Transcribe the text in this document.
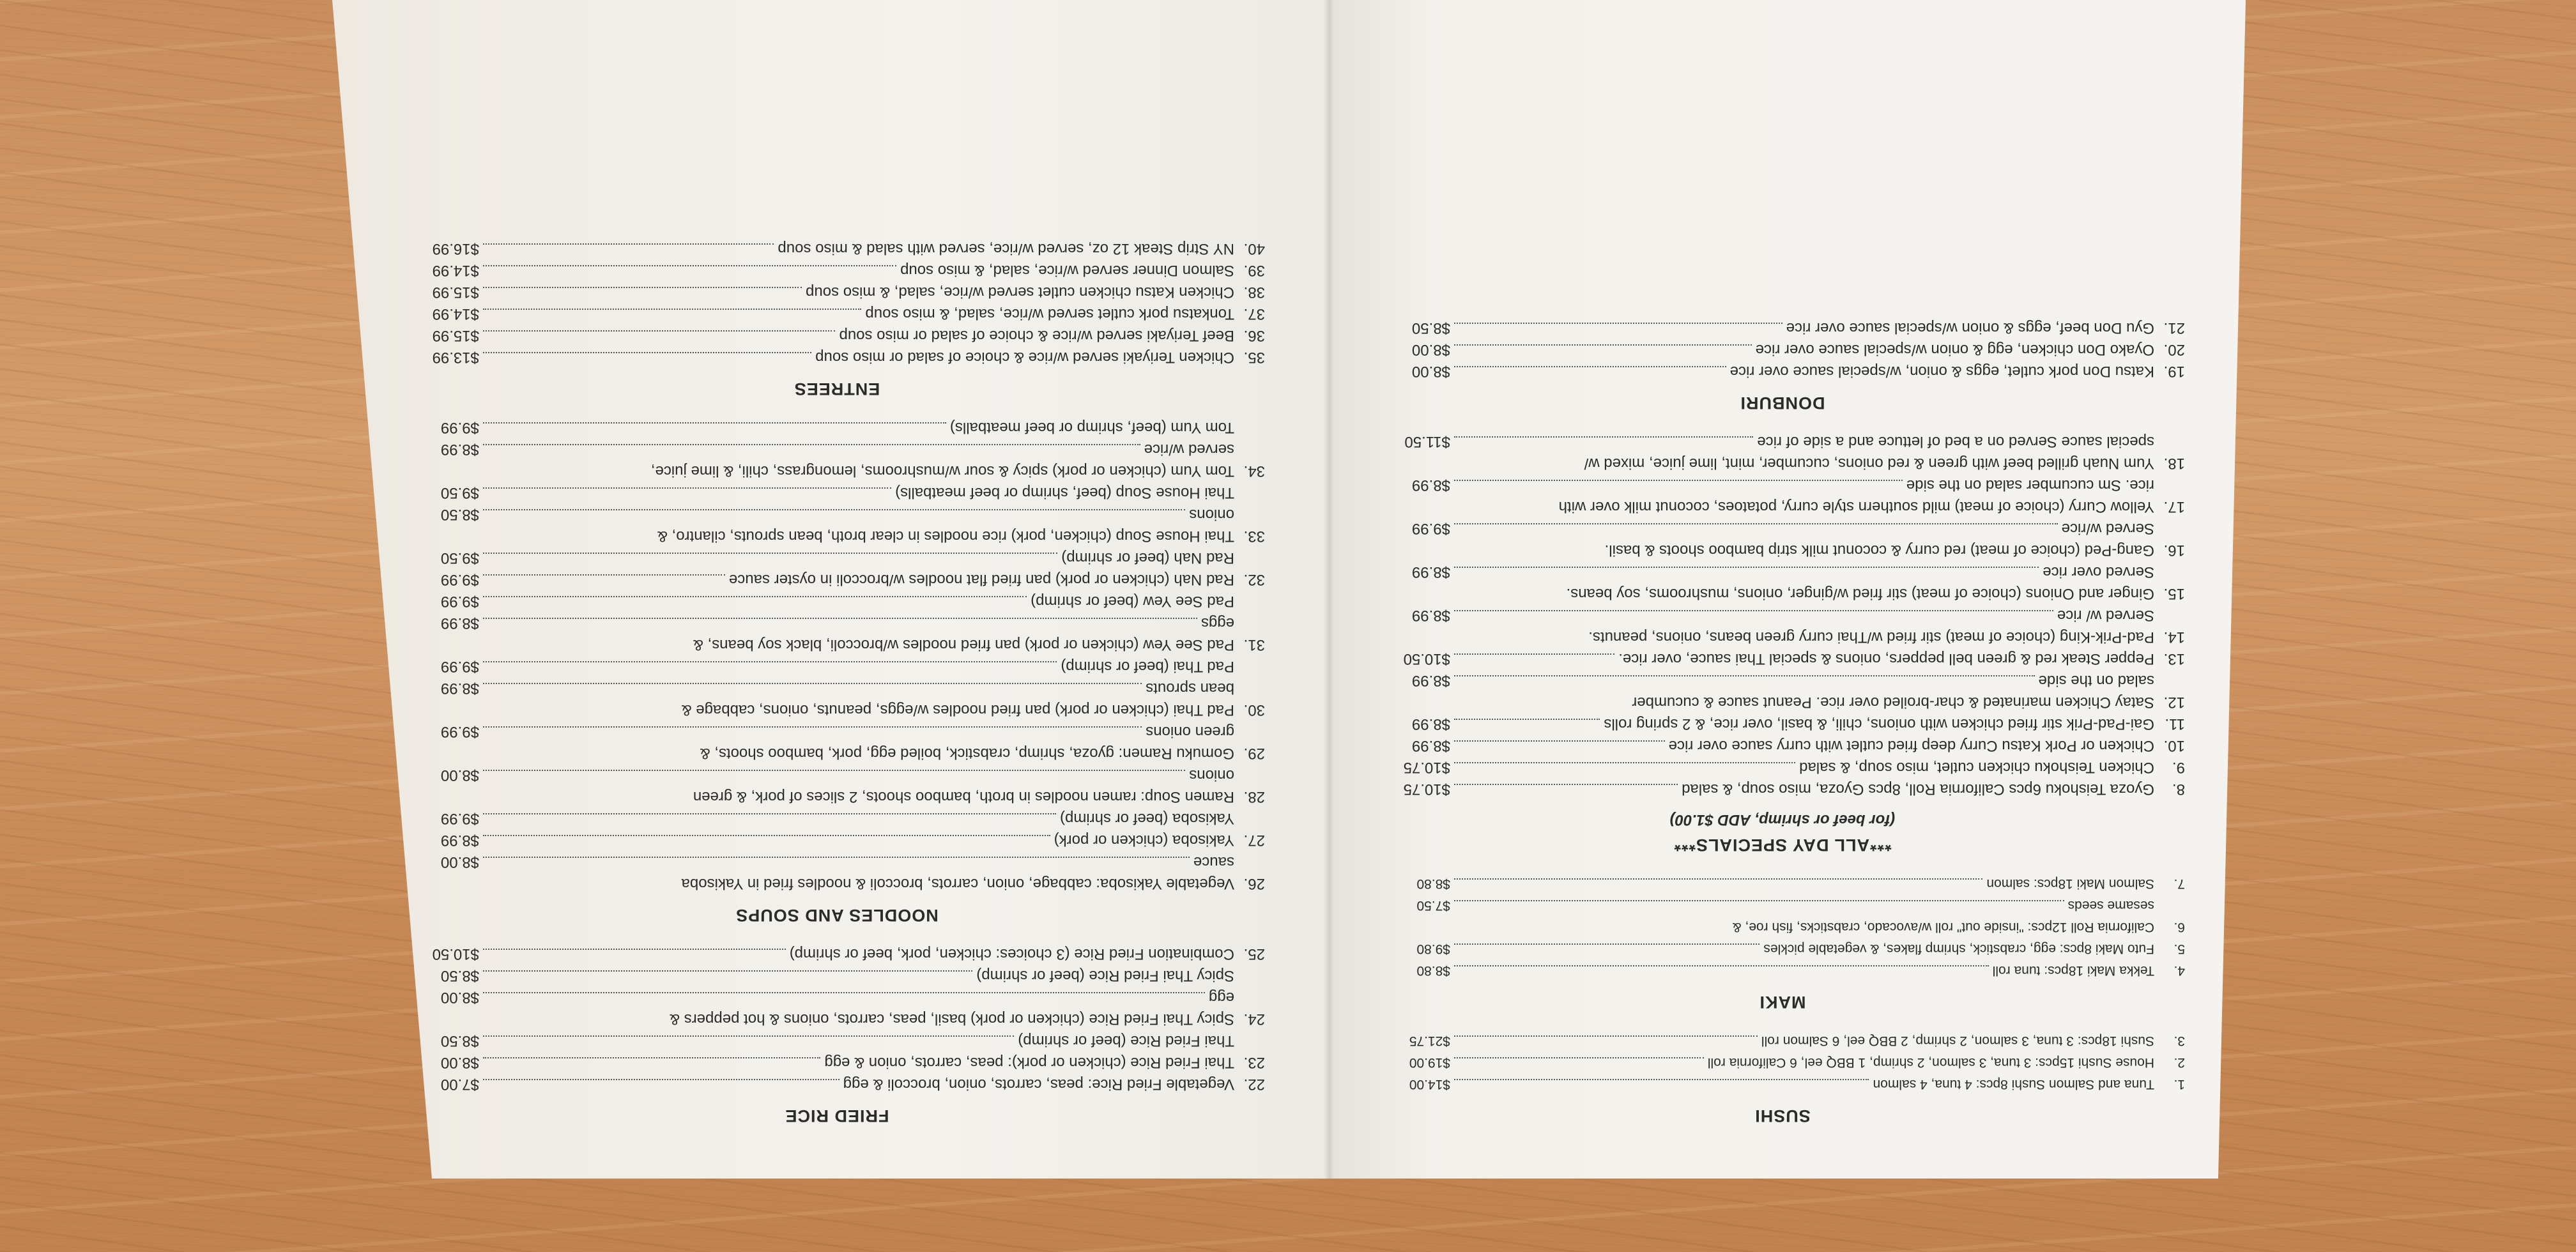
FRIED RICE
22.
Vegetable Fried Rice: peas, carrots, onion, broccoli & egg
$7.00
23.
Thai Fried Rice (chicken or pork): peas, carrots, onion & egg
$8.00
Thai Fried Rice (beef or shrimp)
$8.50
24.
Spicy Thai Fried Rice (chicken or pork) basil, peas, carrots, onions & hot peppers &
egg
$8.00
Spicy Thai Fried Rice (beef or shrimp)
$8.50
25.
Combination Fried Rice (3 choices: chicken, pork, beef or shrimp)
$10.50
NOODLES AND SOUPS
26.
Vegetable Yakisoba: cabbage, onion, carrots, broccoli & noodles fried in Yakisoba
sauce
$8.00
27.
Yakisoba (chicken or pork)
$8.99
Yakisoba (beef or shrimp)
$9.99
28.
Ramen Soup: ramen noodles in broth, bamboo shoots, 2 slices of pork, & green
onions
$8.00
29.
Gomuku Ramen: gyoza, shrimp, crabstick, boiled egg, pork, bamboo shoots, &
green onions
$9.99
30.
Pad Thai (chicken or pork) pan fried noodles w/eggs, peanuts, onions, cabbage &
bean sprouts
$8.99
Pad Thai (beef or shrimp)
$9.99
31.
Pad See Yew (chicken or pork) pan fried noodles w/broccoli, black soy beans, &
eggs
$8.99
Pad See Yew (beef or shrimp)
$9.99
32.
Rad Nah (chicken or pork) pan fried flat noodles w/broccoli in oyster sauce
$9.99
Rad Nah (beef or shrimp)
$9.50
33.
Thai House Soup (chicken, pork) rice noodles in clear broth, bean sprouts, cilantro, &
onions
$8.50
Thai House Soup (beef, shrimp or beef meatballs)
$9.50
34.
Tom Yum (chicken or pork) spicy & sour w/mushrooms, lemongrass, chili, & lime juice,
served w/rice
$8.99
Tom Yum (beef, shrimp or beef meatballs)
$9.99
ENTREES
35.
Chicken Teriyaki served w/rice & choice of salad or miso soup
$13.99
36.
Beef Teriyaki served w/rice & choice of salad or miso soup
$15.99
37.
Tonkatsu pork cutlet served w/rice, salad, & miso soup
$14.99
38.
Chicken Katsu chicken cutlet served w/rice, salad, & miso soup
$15.99
39.
Salmon Dinner served w/rice, salad, & miso soup
$14.99
40.
NY Strip Steak 12 oz, served w/rice, served with salad & miso soup
$16.99
SUSHI
1.
Tuna and Salmon Sushi 8pcs: 4 tuna, 4 salmon
$14.00
2.
House Sushi 15pcs: 3 tuna, 3 salmon, 2 shrimp, 1 BBQ eel, 6 California roll
$19.00
3.
Sushi 18pcs: 3 tuna, 3 salmon, 2 shrimp, 2 BBQ eel, 6 Salmon roll
$21.75
MAKI
4.
Tekka Maki 18pcs: tuna roll
$8.80
5.
Futo Maki 8pcs: egg, crabstick, shrimp flakes, & vegetable pickles
$9.80
6.
California Roll 12pcs: "inside out" roll w/avocado, crabsticks, fish roe, &
sesame seeds
$7.50
7.
Salmon Maki 18pcs: salmon
$8.80
***ALL DAY SPECIALS***
(for beef or shrimp, ADD $1.00)
8.
Gyoza Teishoku 6pcs California Roll, 8pcs Gyoza, miso soup, & salad
$10.75
9.
Chicken Teishoku chicken cutlet, miso soup, & salad
$10.75
10.
Chicken or Pork Katsu Curry deep fried cutlet with curry sauce over rice
$8.99
11.
Gai-Pad-Prik stir fried chicken with onions, chili, & basil, over rice, & 2 spring rolls
$8.99
12.
Satay Chicken marinated & char-broiled over rice. Peanut sauce & cucumber
salad on the side
$8.99
13.
Pepper Steak red & green bell peppers, onions & special Thai sauce, over rice.
$10.50
14.
Pad-Prik-King (choice of meat) stir fried w/Thai curry green beans, onions, peanuts.
Served w/ rice
$8.99
15.
Ginger and Onions (choice of meat) stir fried w/ginger, onions, mushrooms, soy beans.
Served over rice
$8.99
16.
Gang-Ped (choice of meat) red curry & coconut milk strip bamboo shoots & basil.
Served w/rice
$9.99
17.
Yellow Curry (choice of meat) mild southern style curry, potatoes, coconut milk over with
rice. Sm cucumber salad on the side
$8.99
18.
Yum Nuah grilled beef with green & red onions, cucumber, mint, lime juice, mixed w/
special sauce Served on a bed of lettuce and a side of rice
$11.50
DONBURI
19.
Katsu Don pork cutlet, eggs & onion, w/special sauce over rice
$8.00
20.
Oyako Don chicken, egg & onion w/special sauce over rice
$8.00
21.
Gyu Don beef, eggs & onion w/special sauce over rice
$8.50
